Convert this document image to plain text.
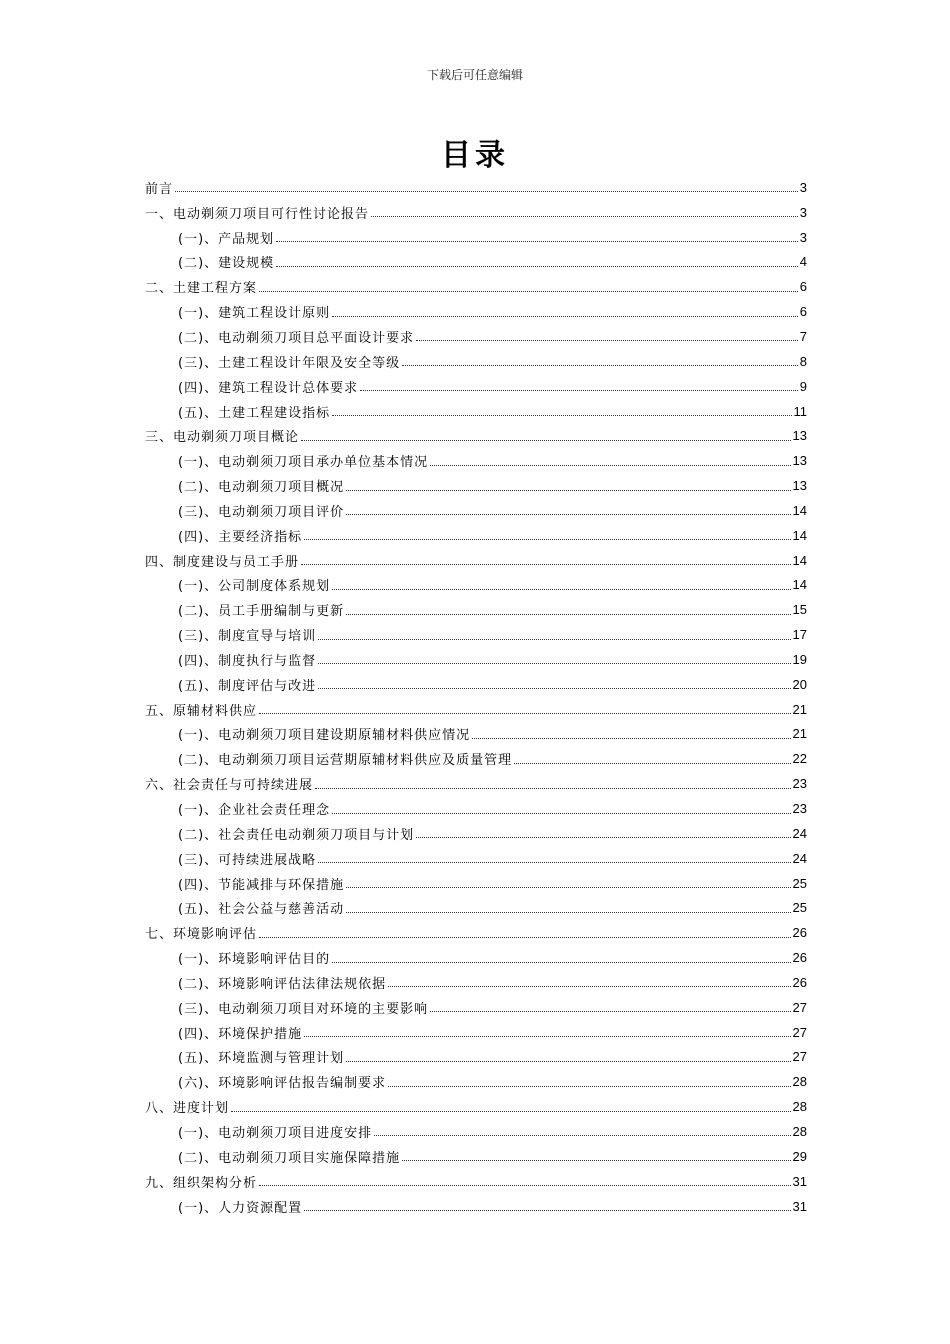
下载后可任意编辑
目录
前言	3
一、电动剃须刀项目可行性讨论报告	3
(一)、产品规划	3
(二)、建设规模	4
二、土建工程方案	6
(一)、建筑工程设计原则	6
(二)、电动剃须刀项目总平面设计要求	7
(三)、土建工程设计年限及安全等级	8
(四)、建筑工程设计总体要求	9
(五)、土建工程建设指标	11
三、电动剃须刀项目概论	13
(一)、电动剃须刀项目承办单位基本情况	13
(二)、电动剃须刀项目概况	13
(三)、电动剃须刀项目评价	14
(四)、主要经济指标	14
四、制度建设与员工手册	14
(一)、公司制度体系规划	14
(二)、员工手册编制与更新	15
(三)、制度宣导与培训	17
(四)、制度执行与监督	19
(五)、制度评估与改进	20
五、原辅材料供应	21
(一)、电动剃须刀项目建设期原辅材料供应情况	21
(二)、电动剃须刀项目运营期原辅材料供应及质量管理	22
六、社会责任与可持续进展	23
(一)、企业社会责任理念	23
(二)、社会责任电动剃须刀项目与计划	24
(三)、可持续进展战略	24
(四)、节能减排与环保措施	25
(五)、社会公益与慈善活动	25
七、环境影响评估	26
(一)、环境影响评估目的	26
(二)、环境影响评估法律法规依据	26
(三)、电动剃须刀项目对环境的主要影响	27
(四)、环境保护措施	27
(五)、环境监测与管理计划	27
(六)、环境影响评估报告编制要求	28
八、进度计划	28
(一)、电动剃须刀项目进度安排	28
(二)、电动剃须刀项目实施保障措施	29
九、组织架构分析	31
(一)、人力资源配置	31
